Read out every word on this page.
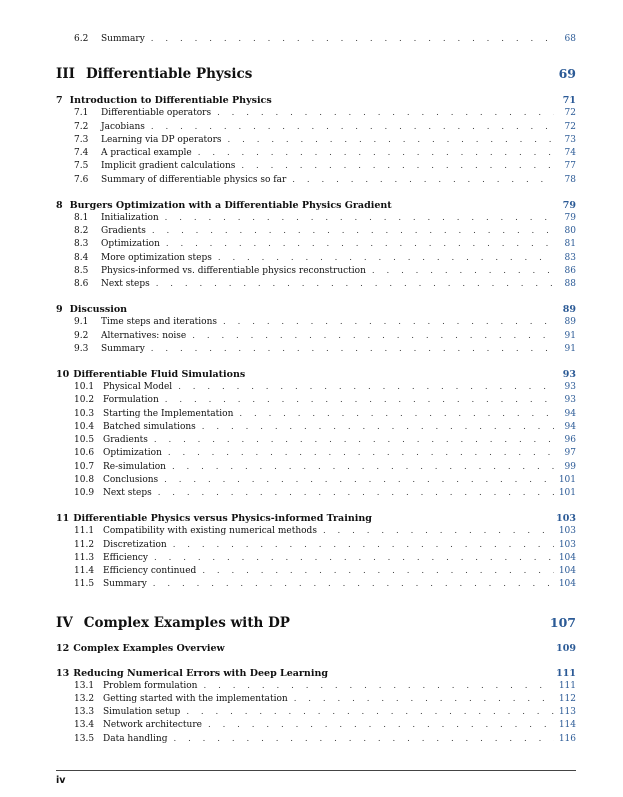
6.2	Summary . . .	68
III Differentiable Physics	69
7 Introduction to Differentiable Physics	71
7.1	Differentiable operators . . .	72
7.2	Jacobians . . .	72
7.3	Learning via DP operators . . .	73
7.4	A practical example . . .	74
7.5	Implicit gradient calculations . . .	77
7.6	Summary of differentiable physics so far . . .	78
8 Burgers Optimization with a Differentiable Physics Gradient	79
8.1	Initialization . . .	79
8.2	Gradients . . .	80
8.3	Optimization . . .	81
8.4	More optimization steps . . .	83
8.5	Physics-informed vs. differentiable physics reconstruction . . .	86
8.6	Next steps . . .	88
9 Discussion	89
9.1	Time steps and iterations . . .	89
9.2	Alternatives: noise . . .	91
9.3	Summary . . .	91
10 Differentiable Fluid Simulations	93
10.1 Physical Model . . .	93
10.2 Formulation . . .	93
10.3 Starting the Implementation . . .	94
10.4 Batched simulations . . .	94
10.5 Gradients . . .	96
10.6 Optimization . . .	97
10.7 Re-simulation . . .	99
10.8 Conclusions . . .	101
10.9 Next steps . . .	101
11 Differentiable Physics versus Physics-informed Training	103
11.1 Compatibility with existing numerical methods . . .	103
11.2 Discretization . . .	103
11.3 Efficiency . . .	104
11.4 Efficiency continued . . .	104
11.5 Summary . . .	104
IV Complex Examples with DP	107
12 Complex Examples Overview	109
13 Reducing Numerical Errors with Deep Learning	111
13.1 Problem formulation . . .	111
13.2 Getting started with the implementation . . .	112
13.3 Simulation setup . . .	113
13.4 Network architecture . . .	114
13.5 Data handling . . .	116
iv
